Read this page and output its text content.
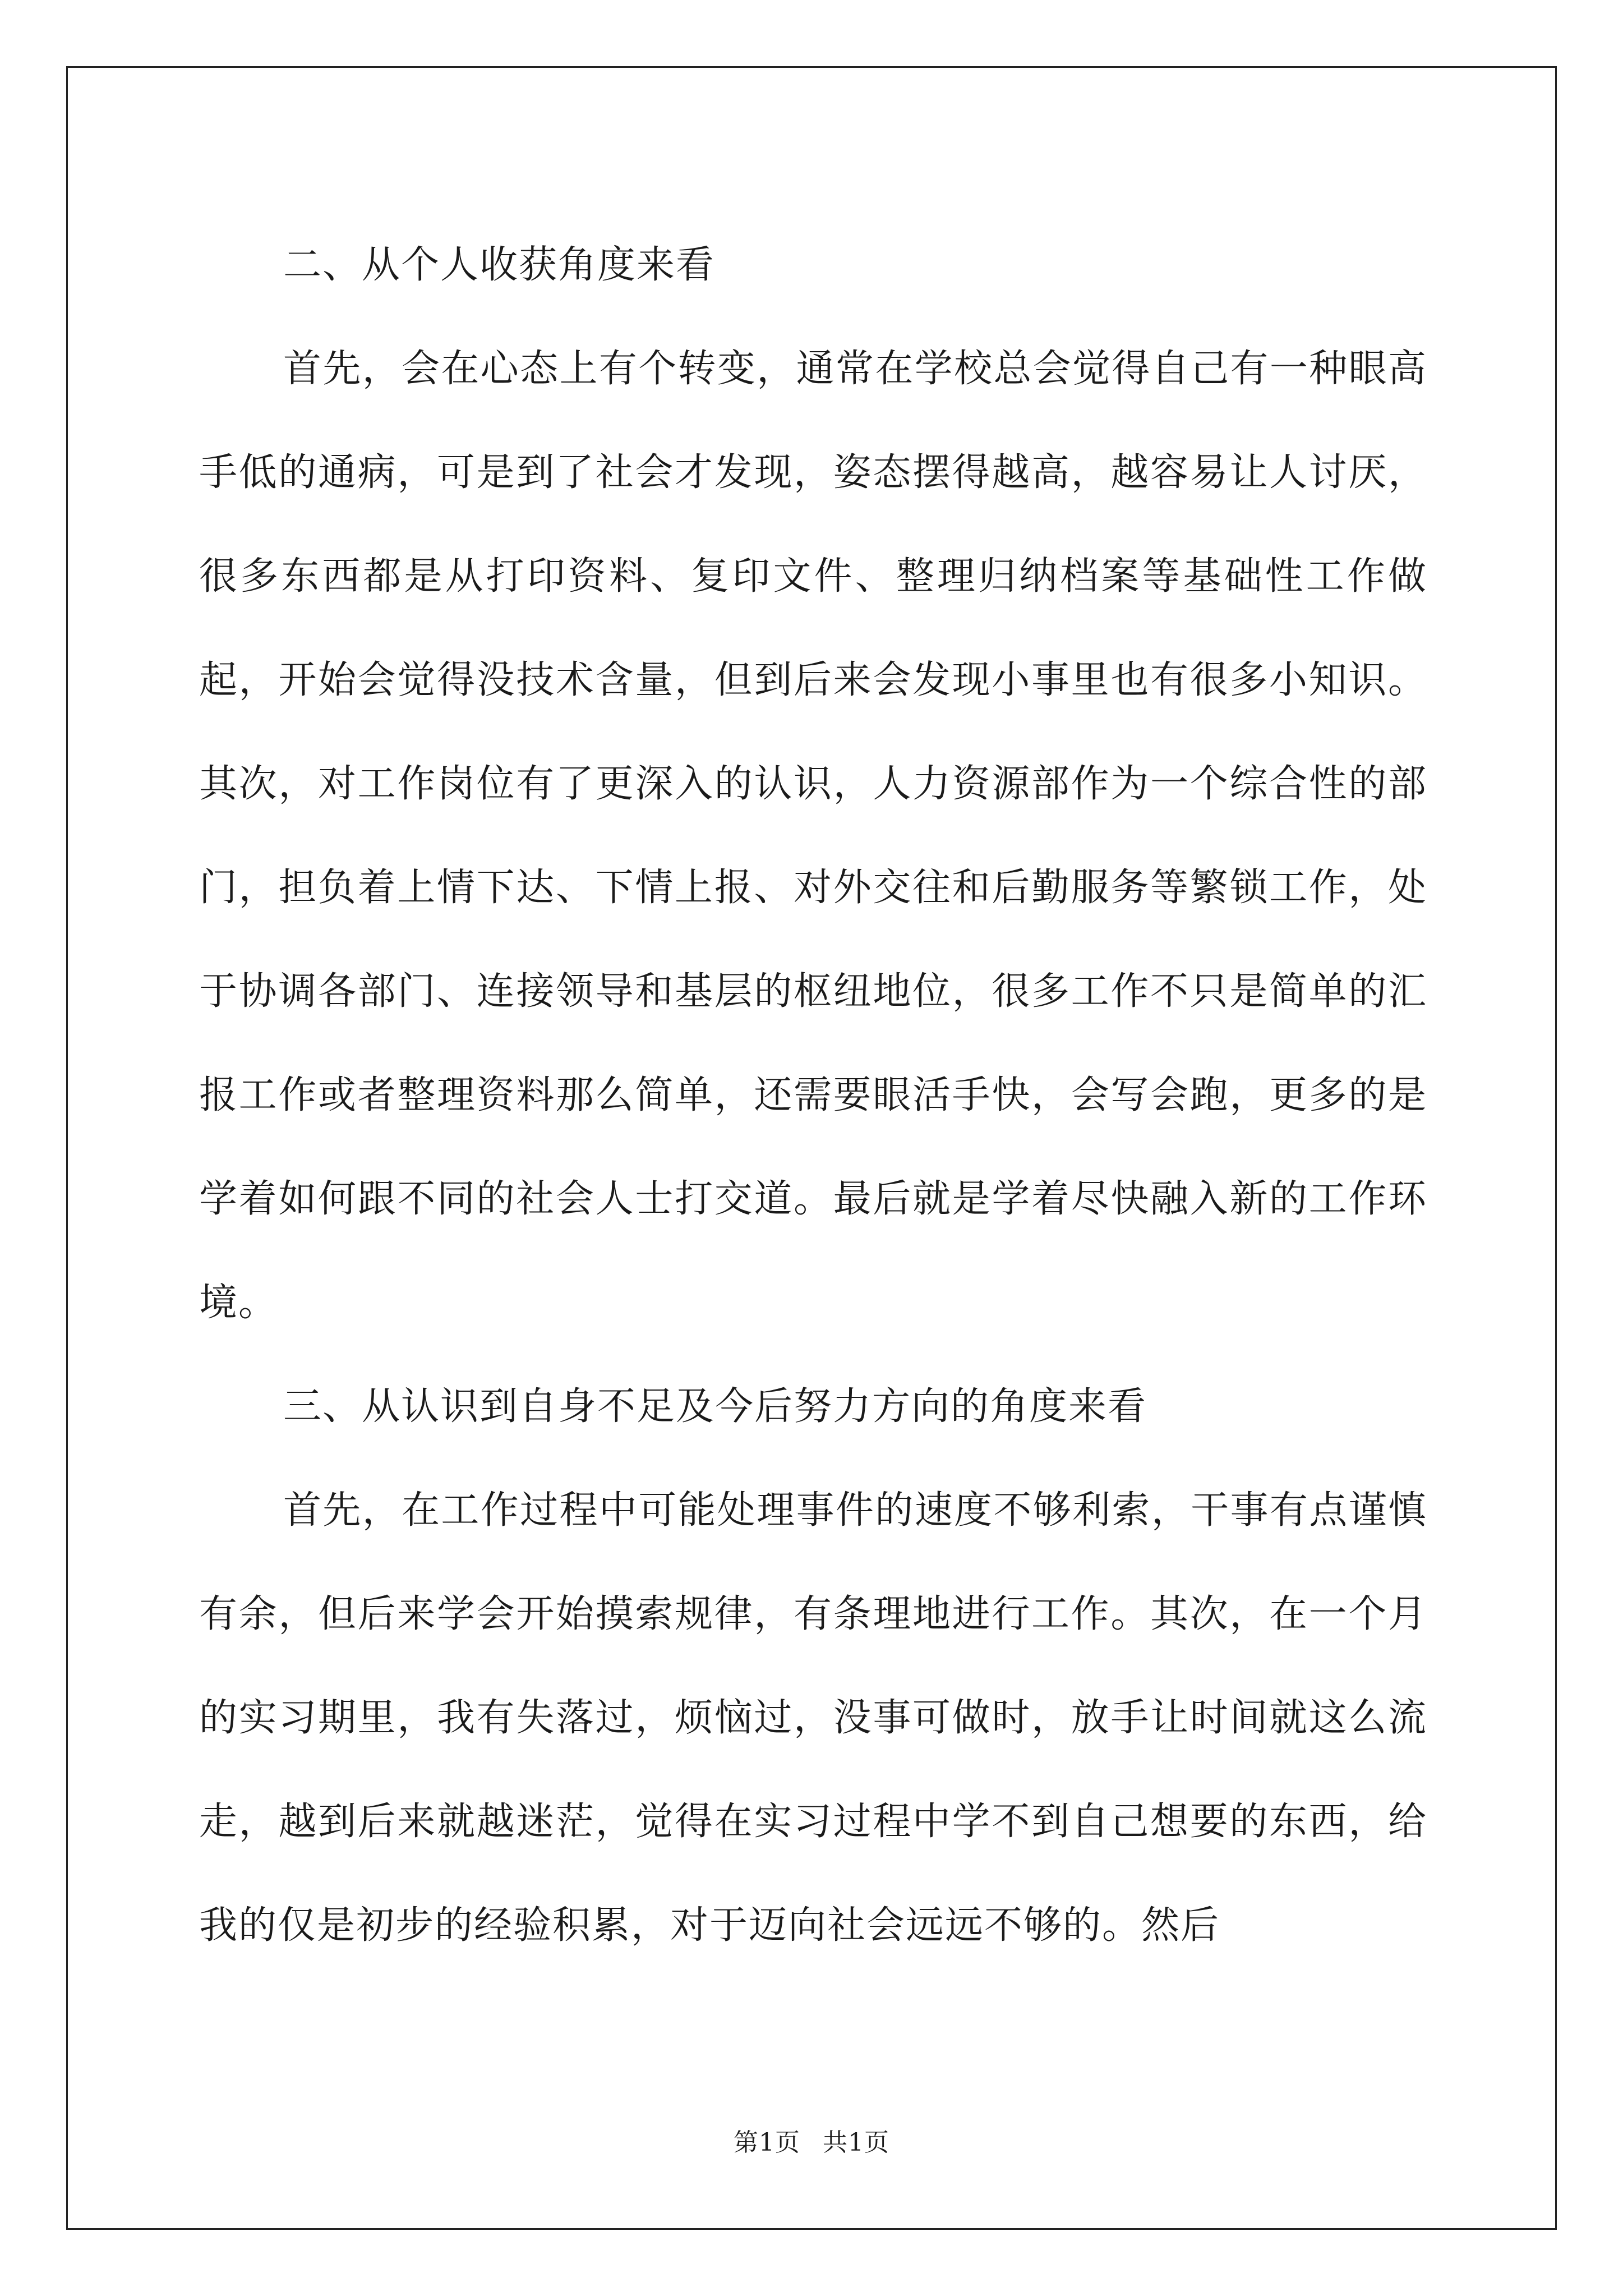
二、从个人收获角度来看

首先，会在心态上有个转变，通常在学校总会觉得自己有一种眼高手低的通病，可是到了社会才发现，姿态摆得越高，越容易让人讨厌，很多东西都是从打印资料、复印文件、整理归纳档案等基础性工作做起，开始会觉得没技术含量，但到后来会发现小事里也有很多小知识。其次，对工作岗位有了更深入的认识，人力资源部作为一个综合性的部门，担负着上情下达、下情上报、对外交往和后勤服务等繁锁工作，处于协调各部门、连接领导和基层的枢纽地位，很多工作不只是简单的汇报工作或者整理资料那么简单，还需要眼活手快，会写会跑，更多的是学着如何跟不同的社会人士打交道。最后就是学着尽快融入新的工作环境。

三、从认识到自身不足及今后努力方向的角度来看

首先，在工作过程中可能处理事件的速度不够利索，干事有点谨慎有余，但后来学会开始摸索规律，有条理地进行工作。其次，在一个月的实习期里，我有失落过，烦恼过，没事可做时，放手让时间就这么流走，越到后来就越迷茫，觉得在实习过程中学不到自己想要的东西，给我的仅是初步的经验积累，对于迈向社会远远不够的。然后

第1页 共1页
